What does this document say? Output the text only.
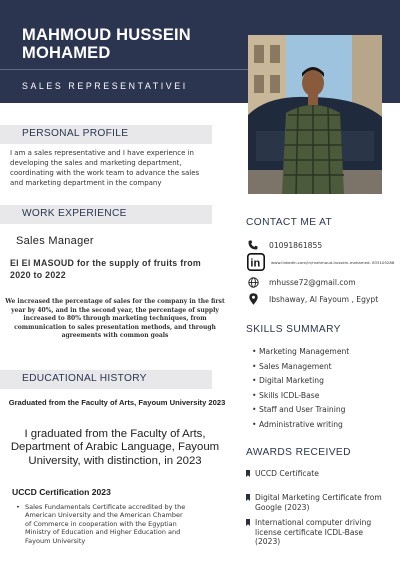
MAHMOUD HUSSEIN MOHAMED
SALES REPRESENTATIVEI
PERSONAL PROFILE
I am a sales representative and I have experience in developing the sales and marketing department, coordinating with the work team to advance the sales and marketing department in the company
WORK EXPERIENCE
Sales Manager
El El MASOUD for the supply of fruits from 2020 to 2022
We increased the percentage of sales for the company in the first year by 40%, and in the second year, the percentage of supply increased to 80% through marketing techniques, from communication to sales presentation methods, and through agreements with common goals
EDUCATIONAL HISTORY
Graduated from the Faculty of Arts, Fayoum University 2023
I graduated from the Faculty of Arts, Department of Arabic Language, Fayoum University, with distinction, in 2023
UCCD Certification 2023
• Sales Fundamentals Certificate accredited by the American University and the American Chamber of Commerce in cooperation with the Egyptian Ministry of Education and Higher Education and Fayoum University
CONTACT ME AT
01091861855
in	www.linkedin.com/in/mahmoud-hussein-mohamed- 833105286
mhusse72@gmail.com
Ibshaway, Al Fayoum , Egypt
SKILLS SUMMARY
• Marketing Management
• Sales Management
• Digital Marketing
• Skills ICDL-Base
• Staff and User Training
• Administrative writing
AWARDS RECEIVED
UCCD Certificate
Digital Marketing Certificate from Google (2023)
International computer driving license certificate ICDL-Base (2023)
